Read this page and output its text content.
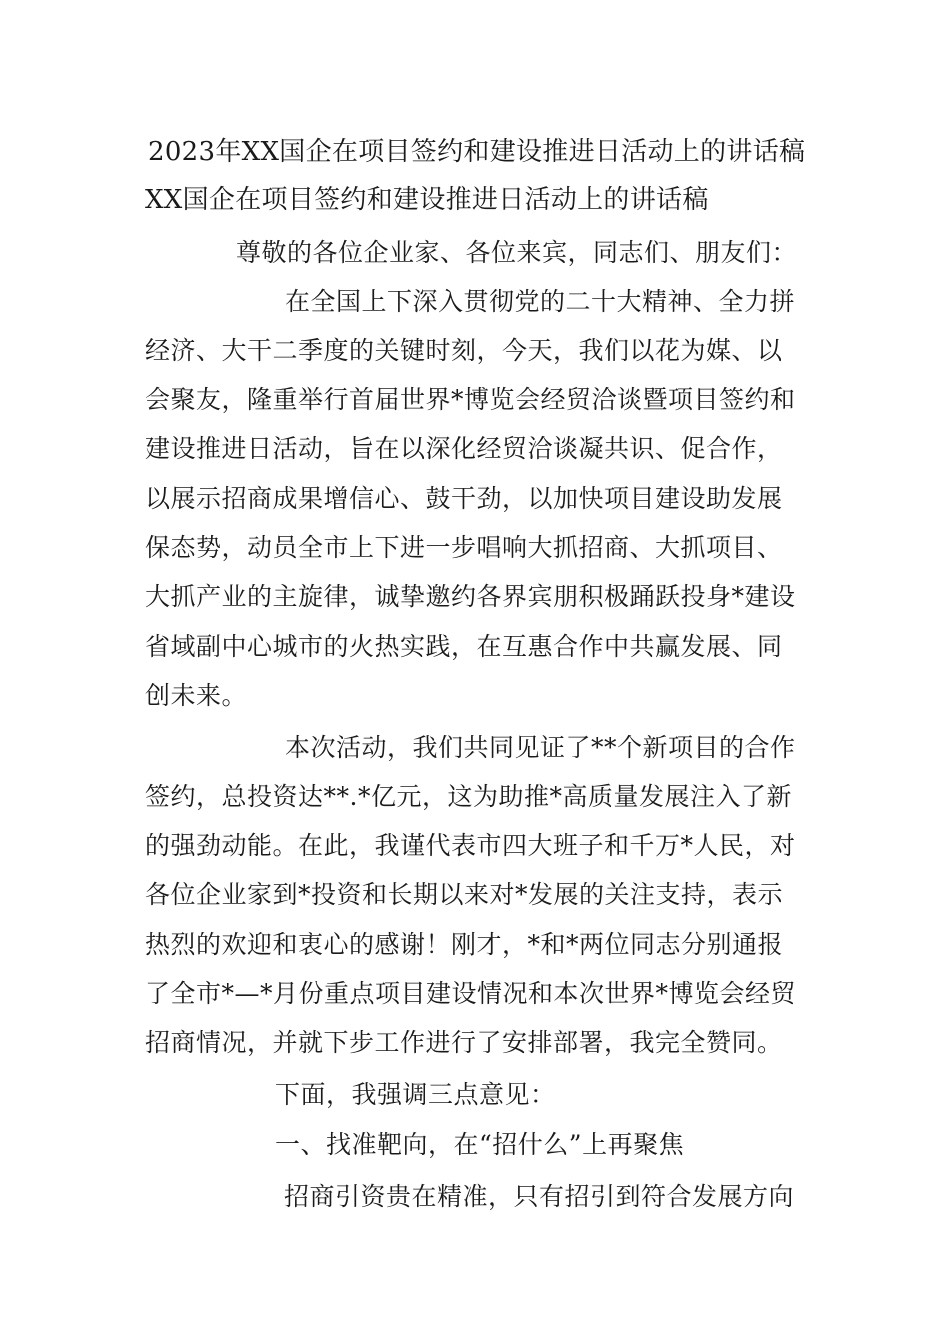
2023年XX国企在项目签约和建设推进日活动上的讲话稿
XX国企在项目签约和建设推进日活动上的讲话稿
尊敬的各位企业家、各位来宾，同志们、朋友们：
在全国上下深入贯彻党的二十大精神、全力拼
经济、大干二季度的关键时刻，今天，我们以花为媒、以
会聚友，隆重举行首届世界*博览会经贸洽谈暨项目签约和
建设推进日活动，旨在以深化经贸洽谈凝共识、促合作，
以展示招商成果增信心、鼓干劲，以加快项目建设助发展
保态势，动员全市上下进一步唱响大抓招商、大抓项目、
大抓产业的主旋律，诚挚邀约各界宾朋积极踊跃投身*建设
省域副中心城市的火热实践，在互惠合作中共赢发展、同
创未来。
本次活动，我们共同见证了**个新项目的合作
签约，总投资达**.*亿元，这为助推*高质量发展注入了新
的强劲动能。在此，我谨代表市四大班子和千万*人民，对
各位企业家到*投资和长期以来对*发展的关注支持，表示
热烈的欢迎和衷心的感谢！刚才，*和*两位同志分别通报
了全市*—*月份重点项目建设情况和本次世界*博览会经贸
招商情况，并就下步工作进行了安排部署，我完全赞同。
下面，我强调三点意见：
一、找准靶向，在“招什么”上再聚焦
招商引资贵在精准，只有招引到符合发展方向
